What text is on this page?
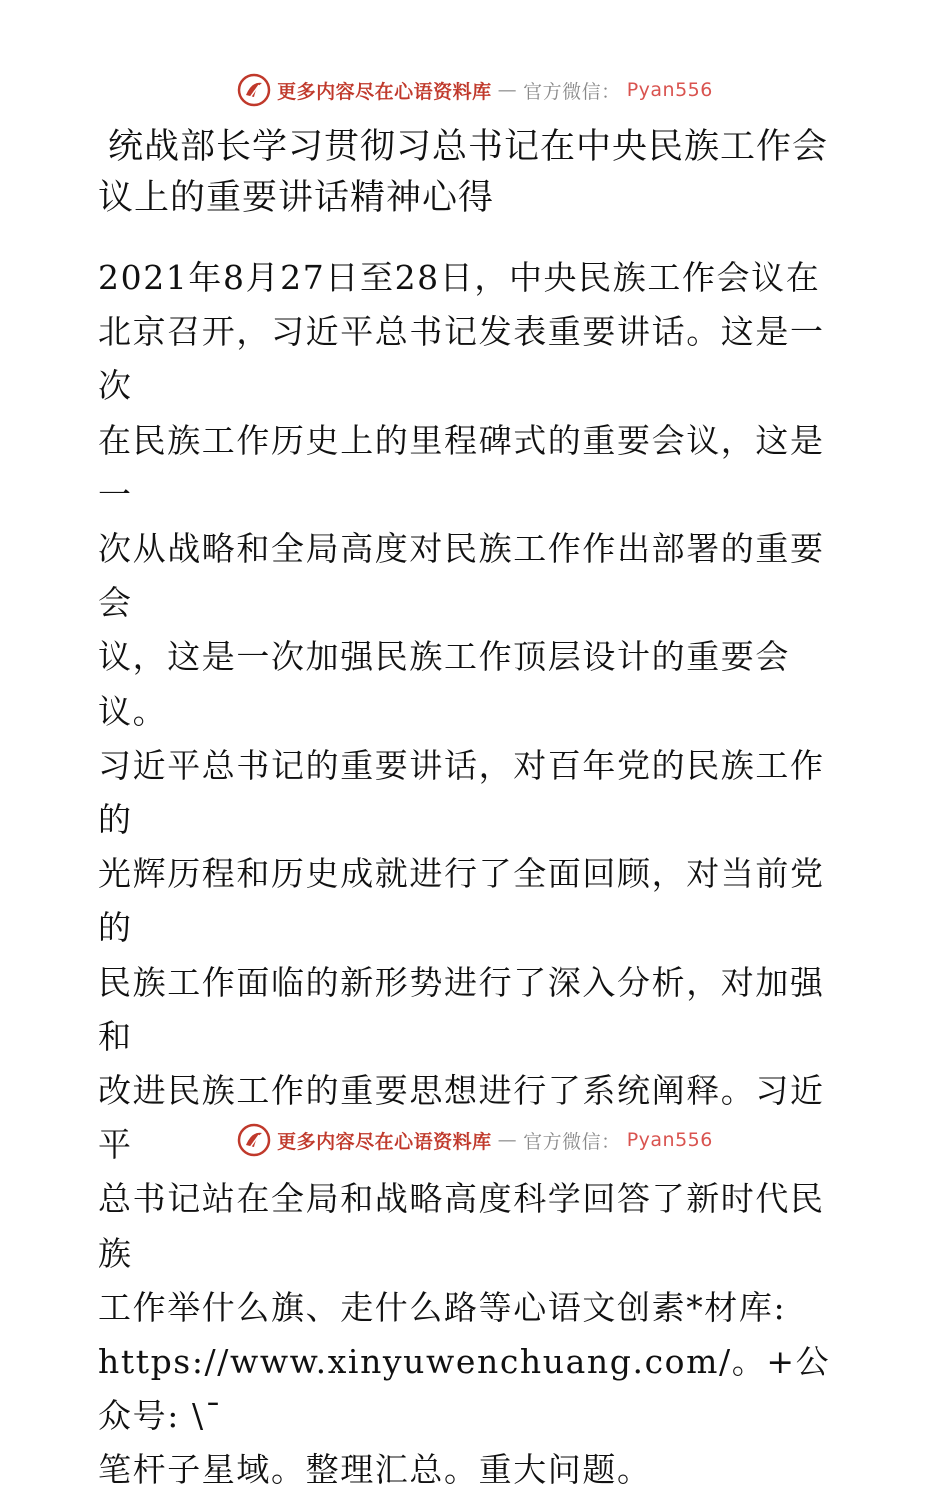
更多内容尽在心语资料库 — 官方微信： Pyan556
统战部长学习贯彻习总书记在中央民族工作会议上的重要讲话精神心得

2021年8月27日至28日，中央民族工作会议在
北京召开，习近平总书记发表重要讲话。这是一次
在民族工作历史上的里程碑式的重要会议，这是一
次从战略和全局高度对民族工作作出部署的重要会
议，这是一次加强民族工作顶层设计的重要会议。
习近平总书记的重要讲话，对百年党的民族工作的
光辉历程和历史成就进行了全面回顾，对当前党的
民族工作面临的新形势进行了深入分析，对加强和
改进民族工作的重要思想进行了系统阐释。习近平
总书记站在全局和战略高度科学回答了新时代民族
工作举什么旗、走什么路等心语文创素*材库:
https://www.xinyuwenchuang.com/。+公众号: \¯
笔杆子星域。整理汇总。重大问题。

更多内容尽在心语资料库 — 官方微信： Pyan556
